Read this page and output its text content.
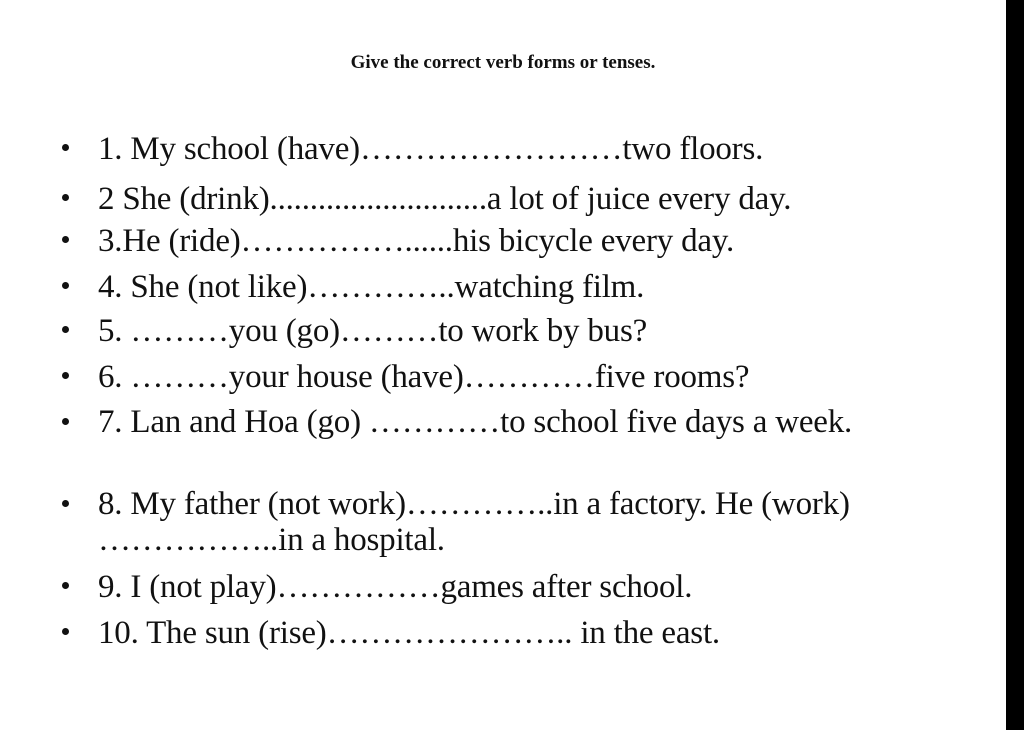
Give the correct verb forms or tenses.
1. My school (have)……………………two floors.
2 She (drink)...........................a lot of juice every day.
3.He (ride)……………......his bicycle every day.
4. She (not like)…………..watching film.
5. ………you (go)………to work by bus?
6. ………your house (have)…………five rooms?
7. Lan and Hoa (go) …………to school five days a week.
8. My father (not work)…………..in a factory. He (work) ……………..in a hospital.
9. I (not play)……………games after school.
10. The sun (rise)………………….. in the east.
